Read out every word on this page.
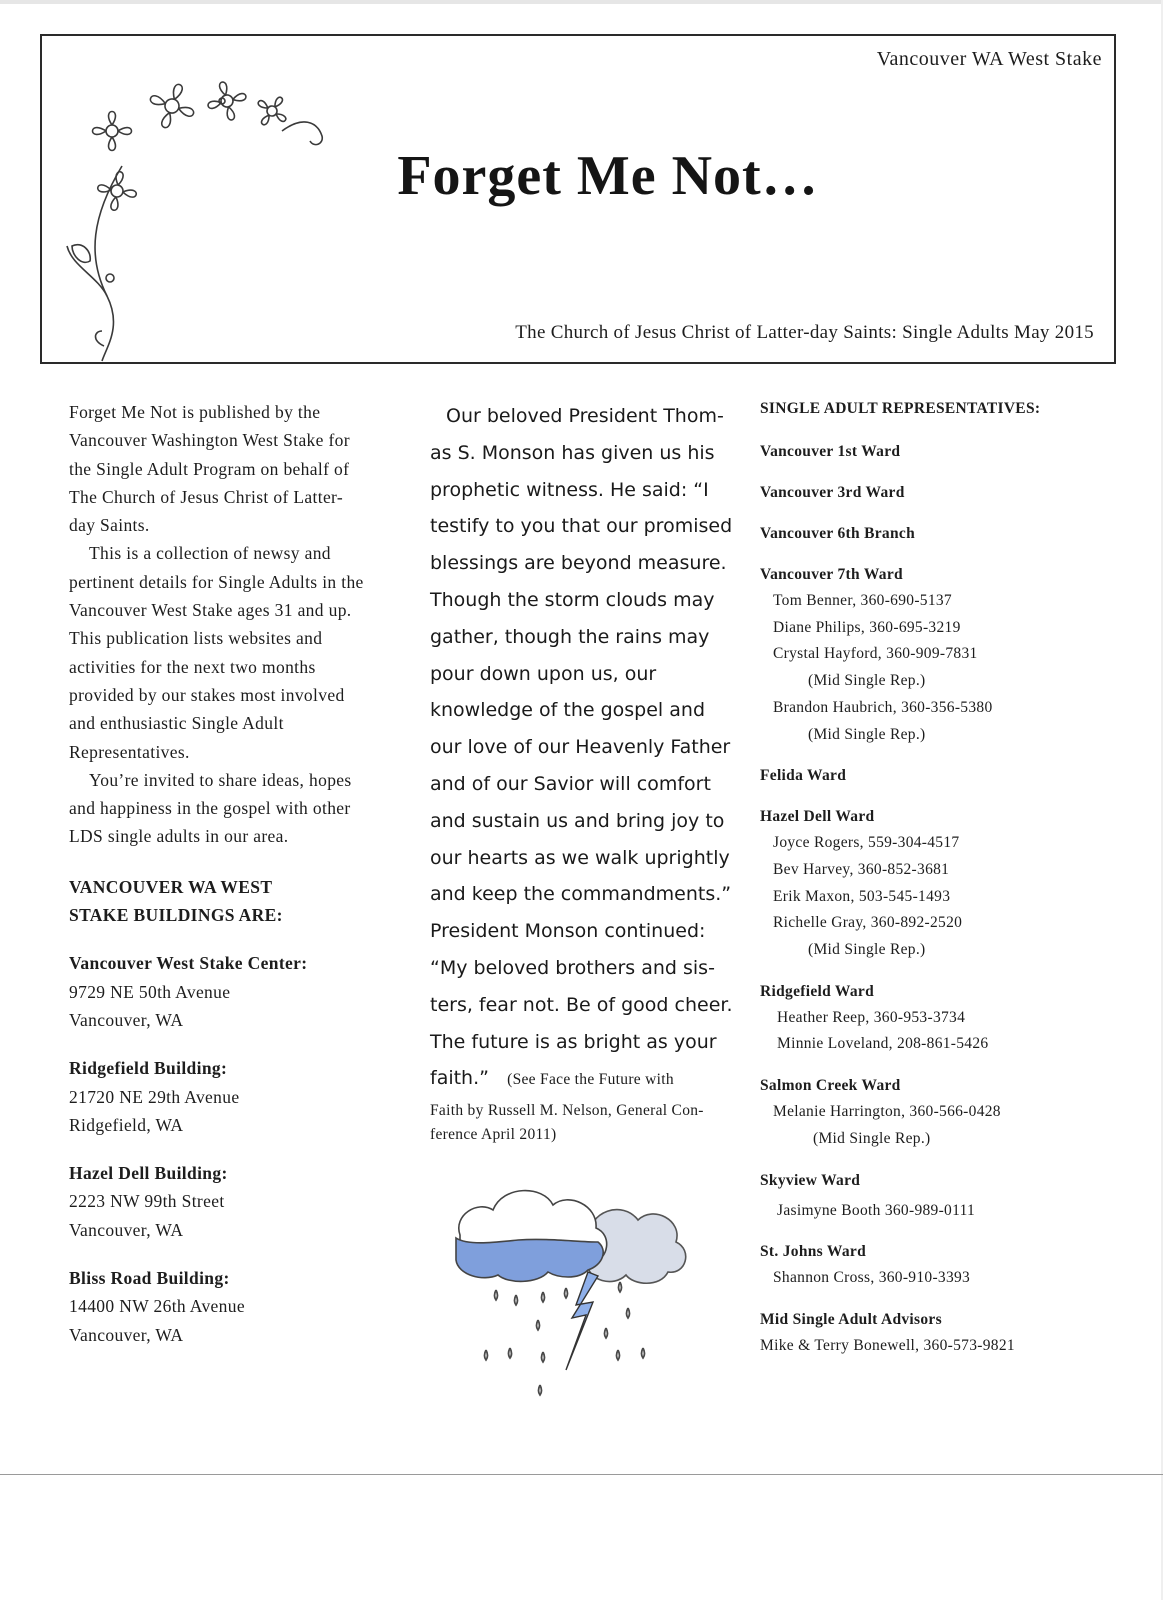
Vancouver WA West Stake
Forget Me Not…
The Church of Jesus Christ of Latter-day Saints: Single Adults May 2015

Forget Me Not is published by the Vancouver Washington West Stake for the Single Adult Program on behalf of The Church of Jesus Christ of Latter-day Saints.

This is a collection of newsy and pertinent details for Single Adults in the Vancouver West Stake ages 31 and up. This publication lists websites and activities for the next two months provided by our stakes most involved and enthusiastic Single Adult Representatives.

You’re invited to share ideas, hopes and happiness in the gospel with other LDS single adults in our area.

VANCOUVER WA WEST
STAKE BUILDINGS ARE:
Vancouver West Stake Center:
9729 NE 50th Avenue
Vancouver, WA
Ridgefield Building:
21720 NE 29th Avenue
Ridgefield, WA
Hazel Dell Building:
2223 NW 99th Street
Vancouver, WA
Bliss Road Building:
14400 NW 26th Avenue
Vancouver, WA
Our beloved President Thom-
as S. Monson has given us his
prophetic witness. He said: “I
testify to you that our promised
blessings are beyond measure.
Though the storm clouds may
gather, though the rains may
pour down upon us, our
knowledge of the gospel and
our love of our Heavenly Father
and of our Savior will comfort
and sustain us and bring joy to
our hearts as we walk uprightly
and keep the commandments.”
President Monson continued:
“My beloved brothers and sis-
ters, fear not. Be of good cheer.
The future is as bright as your
faith.” (See Face the Future with

Faith by Russell M. Nelson, General Con-

ference April 2011)

SINGLE ADULT REPRESENTATIVES:
Vancouver 1st Ward
Vancouver 3rd Ward
Vancouver 6th Branch
Vancouver 7th Ward
Tom Benner, 360-690-5137
Diane Philips, 360-695-3219
Crystal Hayford, 360-909-7831
(Mid Single Rep.)
Brandon Haubrich, 360-356-5380
(Mid Single Rep.)
Felida Ward
Hazel Dell Ward
Joyce Rogers, 559-304-4517
Bev Harvey, 360-852-3681
Erik Maxon, 503-545-1493
Richelle Gray, 360-892-2520
(Mid Single Rep.)
Ridgefield Ward
Heather Reep, 360-953-3734
Minnie Loveland, 208-861-5426
Salmon Creek Ward
Melanie Harrington, 360-566-0428
(Mid Single Rep.)
Skyview Ward
Jasimyne Booth 360-989-0111
St. Johns Ward
Shannon Cross, 360-910-3393
Mid Single Adult Advisors
Mike & Terry Bonewell, 360-573-9821
